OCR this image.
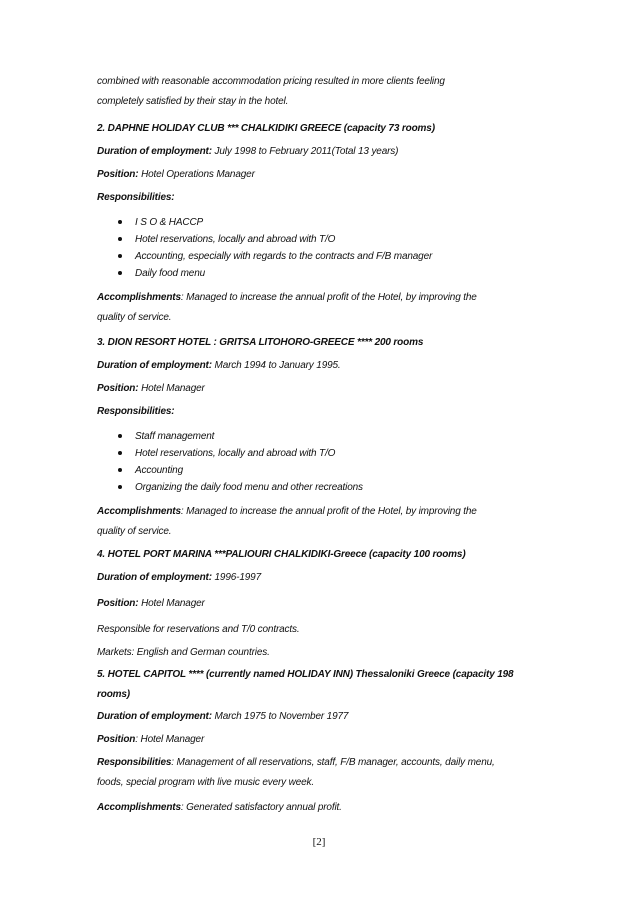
combined with reasonable accommodation pricing resulted in more clients feeling
completely satisfied by their stay in the hotel.
2. DAPHNE HOLIDAY CLUB *** CHALKIDIKI GREECE (capacity 73 rooms)
Duration of employment: July 1998 to February 2011(Total 13 years)
Position: Hotel Operations Manager
Responsibilities:
I S O & HACCP
Hotel reservations, locally and abroad with T/O
Accounting, especially with regards to the contracts and F/B manager
Daily food menu
Accomplishments: Managed to increase the annual profit of the Hotel, by improving the
quality of service.
3. DION RESORT HOTEL : GRITSA LITOHORO-GREECE **** 200 rooms
Duration of employment: March 1994 to January 1995.
Position: Hotel Manager
Responsibilities:
Staff management
Hotel reservations, locally and abroad with T/O
Accounting
Organizing the daily food menu and other recreations
Accomplishments: Managed to increase the annual profit of the Hotel, by improving the
quality of service.
4. HOTEL PORT MARINA ***PALIOURI CHALKIDIKI-Greece (capacity 100 rooms)
Duration of employment: 1996-1997
Position: Hotel Manager
Responsible for reservations and T/0 contracts.
Markets: English and German countries.
5. HOTEL CAPITOL **** (currently named HOLIDAY INN) Thessaloniki Greece (capacity 198
rooms)
Duration of employment: March 1975 to November 1977
Position: Hotel Manager
Responsibilities: Management of all reservations, staff, F/B manager, accounts, daily menu,
foods, special program with live music every week.
Accomplishments: Generated satisfactory annual profit.
[2]
